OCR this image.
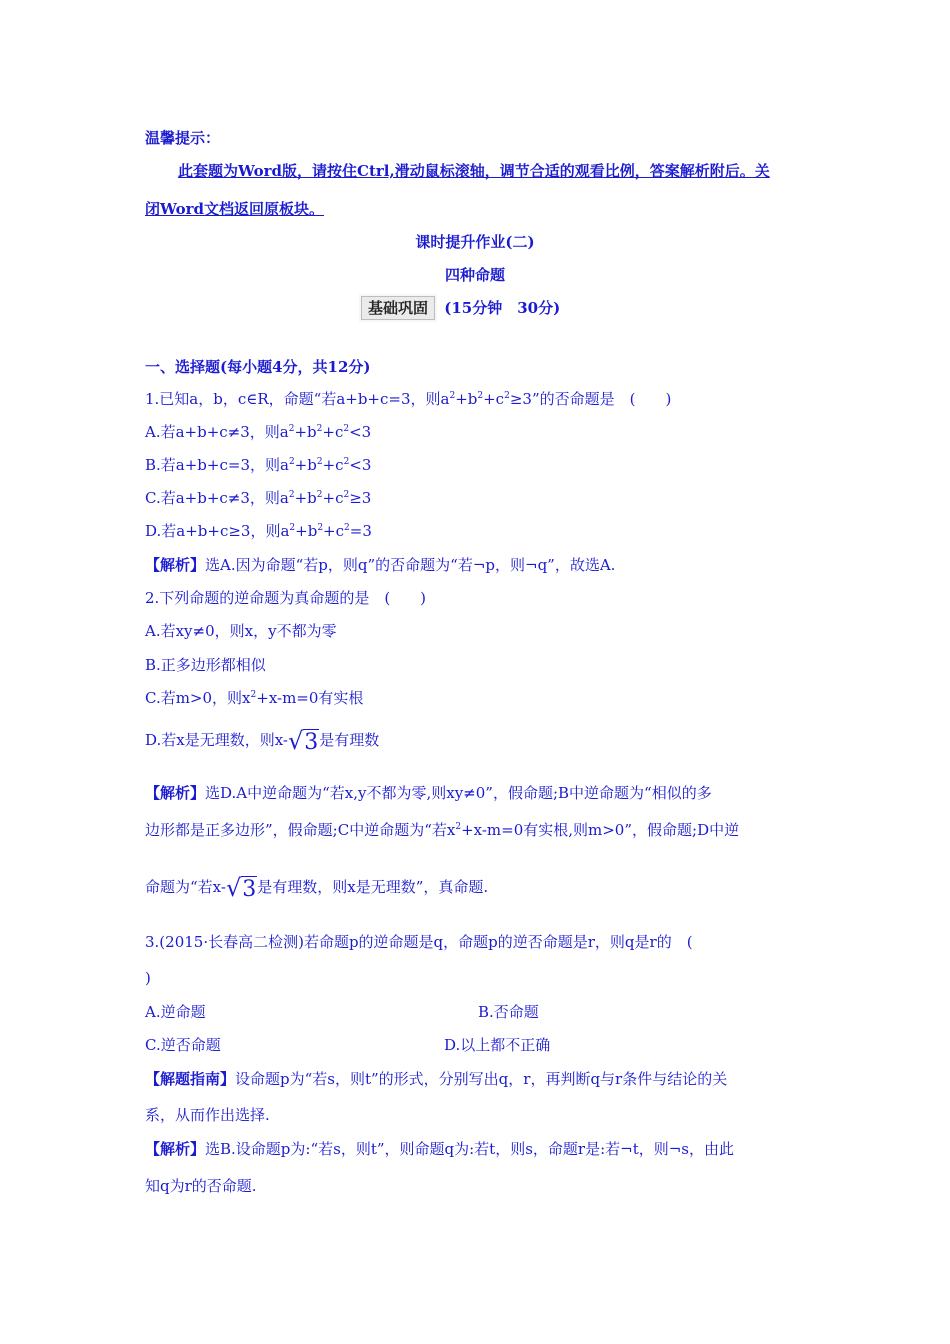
温馨提示：
此套题为Word版，请按住Ctrl,滑动鼠标滚轴，调节合适的观看比例，答案解析附后。关
闭Word文档返回原板块。
课时提升作业(二)
四种命题
基础巩固 (15分钟　30分)
一、选择题(每小题4分，共12分)
1.已知a，b，c∈R，命题“若a+b+c=3，则$a^2+b^2+c^2\ge 3$”的否命题是　(　　)
A.若a+b+c≠3，则$a^2+b^2+c^2<3$
B.若a+b+c=3，则$a^2+b^2+c^2<3$
C.若a+b+c≠3，则$a^2+b^2+c^2\ge 3$
D.若a+b+c≥3，则$a^2+b^2+c^2=3$
【解析】选A.因为命题“若p，则q”的否命题为“若¬p，则¬q”，故选A.
2.下列命题的逆命题为真命题的是　(　　)
A.若xy≠0，则x，y不都为零
B.正多边形都相似
C.若m>0，则$x^2+x-m=0$有实根
D.若x是无理数，则x-√3是有理数
【解析】选D.A中逆命题为“若x,y不都为零,则xy≠0”，假命题;B中逆命题为“相似的多
边形都是正多边形”，假命题;C中逆命题为“若$x^2+x-m=0$有实根,则m>0”，假命题;D中逆
命题为“若x-√3是有理数，则x是无理数”，真命题.
3.(2015·长春高二检测)若命题p的逆命题是q，命题p的逆否命题是r，则q是r的　(
)
A.逆命题	B.否命题
C.逆否命题	D.以上都不正确
【解题指南】设命题p为“若s，则t”的形式，分别写出q，r，再判断q与r条件与结论的关
系，从而作出选择.
【解析】选B.设命题p为:“若s，则t”，则命题q为:若t，则s，命题r是:若¬t，则¬s，由此
知q为r的否命题.
